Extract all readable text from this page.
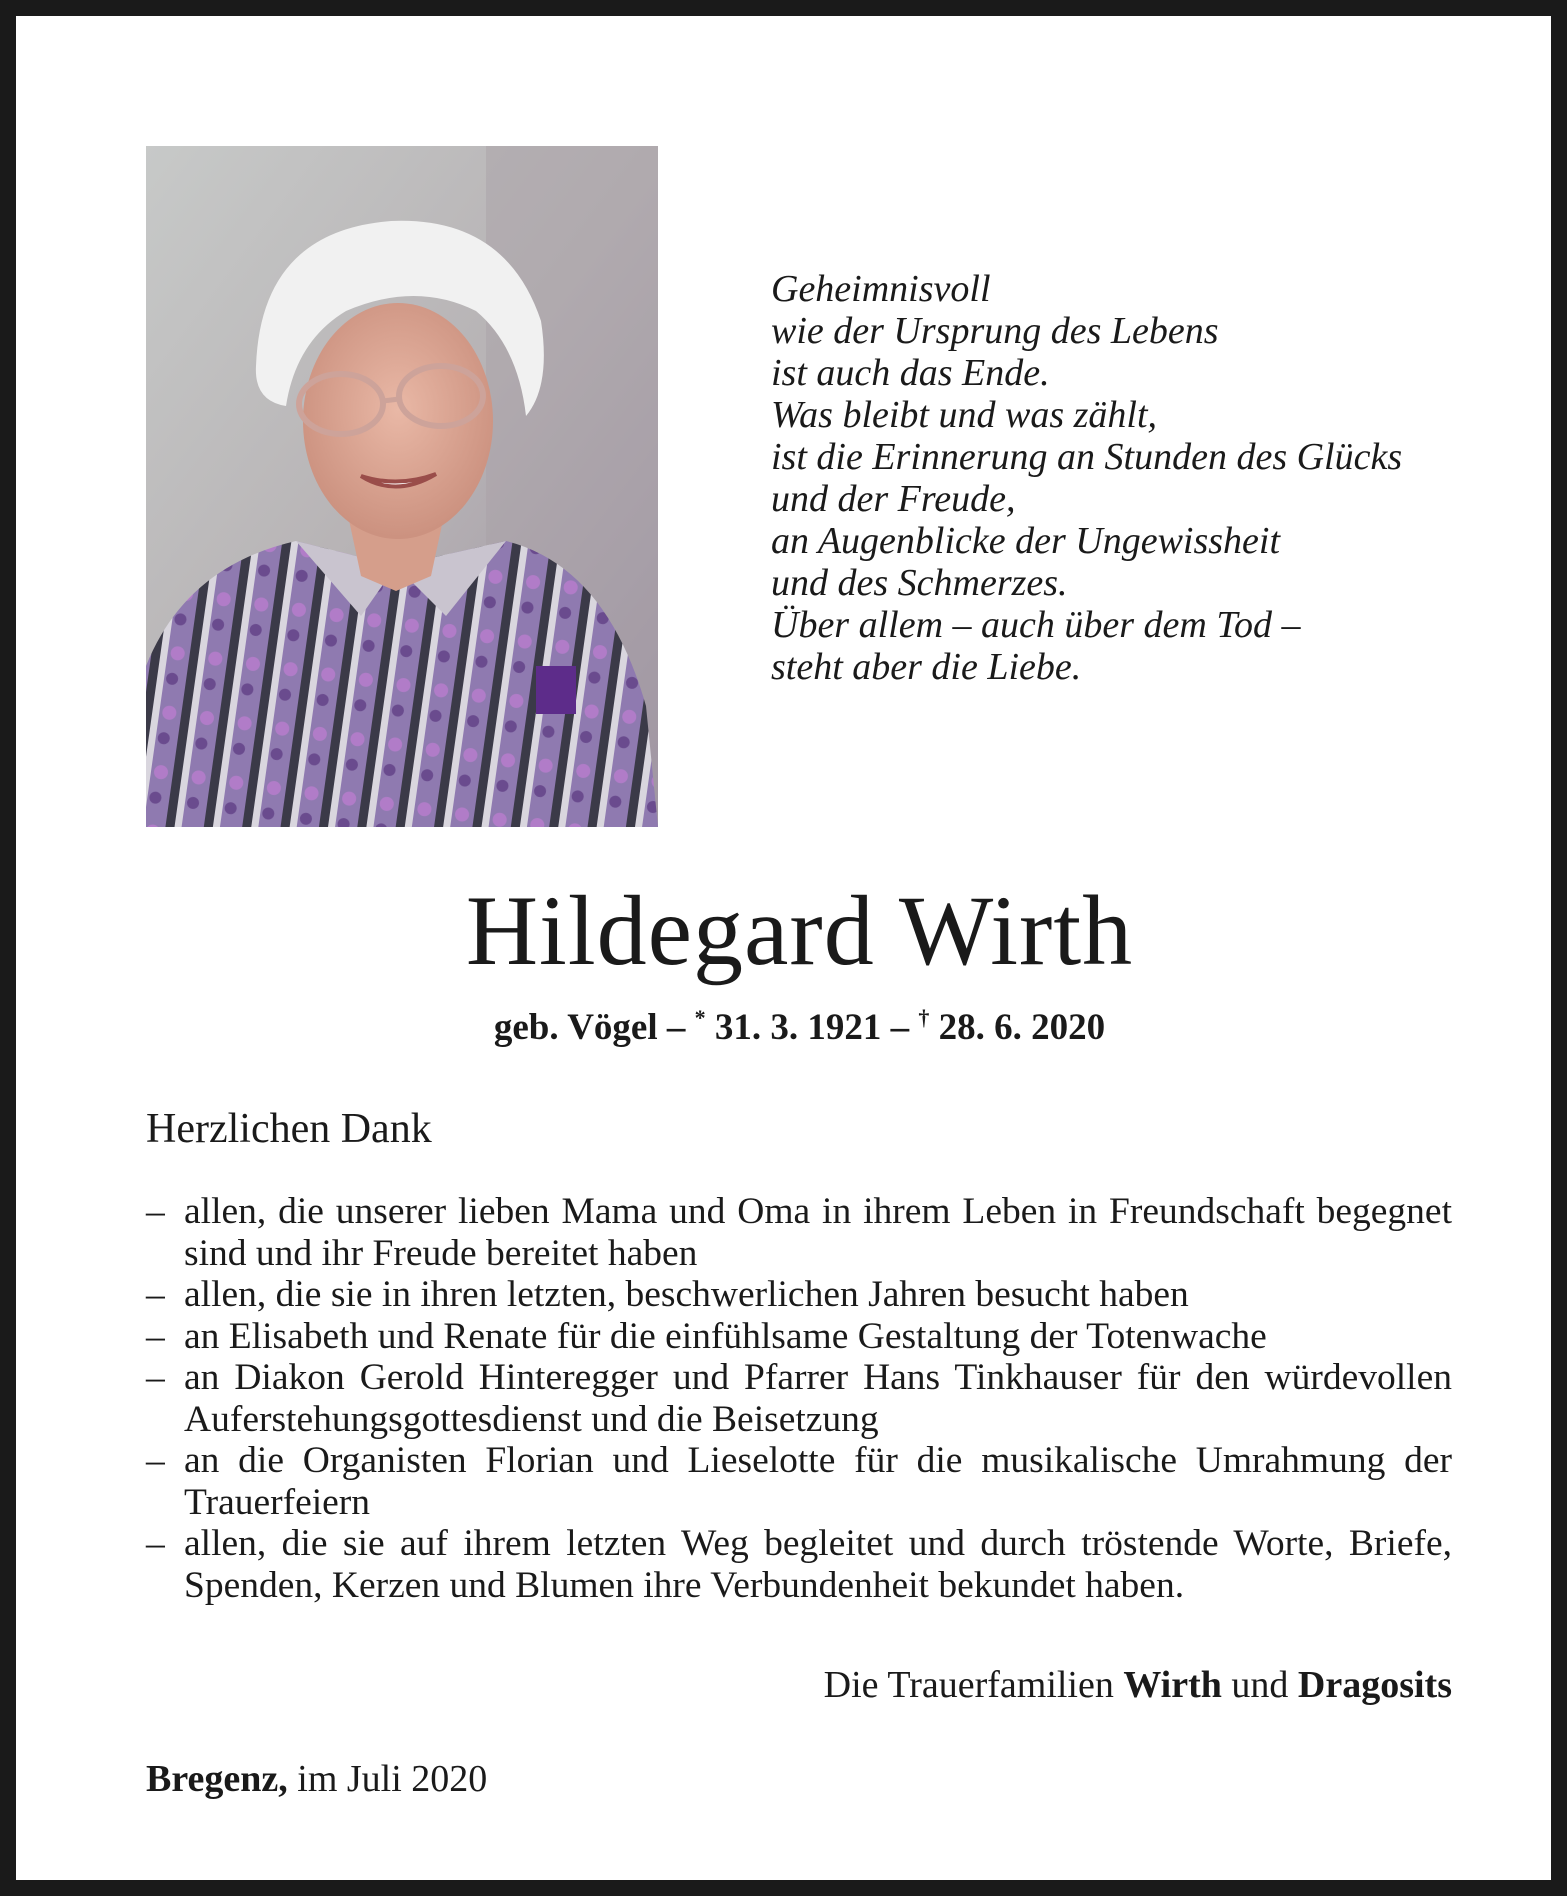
Geheimnisvoll
wie der Ursprung des Lebens
ist auch das Ende.
Was bleibt und was zählt,
ist die Erinnerung an Stunden des Glücks
und der Freude,
an Augenblicke der Ungewissheit
und des Schmerzes.
Über allem – auch über dem Tod –
steht aber die Liebe.
Hildegard Wirth
geb. Vögel – * 31. 3. 1921 – † 28. 6. 2020
Herzlichen Dank
– allen, die unserer lieben Mama und Oma in ihrem Leben in Freundschaft begegnet sind und ihr Freude bereitet haben
– allen, die sie in ihren letzten, beschwerlichen Jahren besucht haben
– an Elisabeth und Renate für die einfühlsame Gestaltung der Totenwache
– an Diakon Gerold Hinteregger und Pfarrer Hans Tinkhauser für den würdevollen Auferstehungsgottesdienst und die Beisetzung
– an die Organisten Florian und Lieselotte für die musikalische Umrahmung der Trauerfeiern
– allen, die sie auf ihrem letzten Weg begleitet und durch tröstende Worte, Briefe, Spenden, Kerzen und Blumen ihre Verbundenheit bekundet haben.
Die Trauerfamilien Wirth und Dragosits
Bregenz, im Juli 2020
